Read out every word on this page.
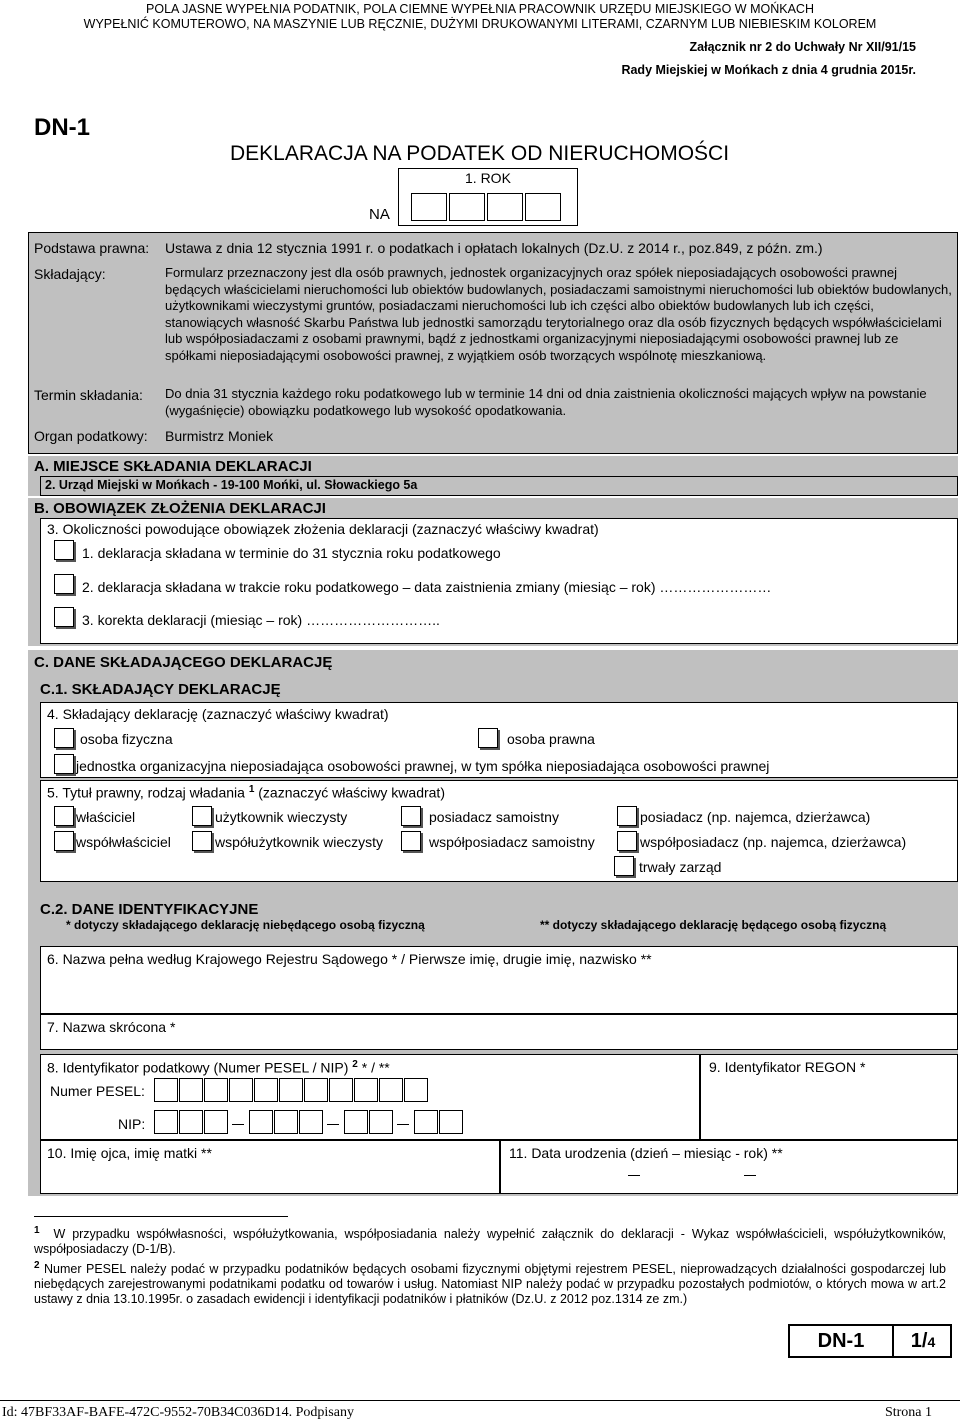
POLA JASNE WYPEŁNIA PODATNIK, POLA CIEMNE WYPEŁNIA PRACOWNIK URZĘDU MIEJSKIEGO W MOŃKACH
WYPEŁNIĆ KOMUTEROWO, NA MASZYNIE LUB RĘCZNIE, DUŻYMI DRUKOWANYMI LITERAMI, CZARNYM LUB NIEBIESKIM KOLOREM
Załącznik nr 2 do Uchwały Nr XII/91/15
Rady Miejskiej w Mońkach z dnia 4 grudnia 2015r.
DN-1
DEKLARACJA NA PODATEK OD NIERUCHOMOŚCI
1. ROK
NA
Podstawa prawna: Ustawa z dnia 12 stycznia 1991 r. o podatkach i opłatach lokalnych (Dz.U. z 2014 r., poz.849, z późn. zm.)
Składający:	Formularz przeznaczony jest dla osób prawnych, jednostek organizacyjnych oraz spółek nieposiadających osobowości prawnej będących właścicielami nieruchomości lub obiektów budowlanych, posiadaczami samoistnymi nieruchomości lub obiektów budowlanych, użytkownikami wieczystymi gruntów, posiadaczami nieruchomości lub ich części albo obiektów budowlanych lub ich części, stanowiących własność Skarbu Państwa lub jednostki samorządu terytorialnego oraz dla osób fizycznych będących współwłaścicielami lub współposiadaczami z osobami prawnymi, bądź z jednostkami organizacyjnymi nieposiadającymi osobowości prawnej lub ze spółkami nieposiadającymi osobowości prawnej, z wyjątkiem osób tworzących wspólnotę mieszkaniową.
Termin składania: Do dnia 31 stycznia każdego roku podatkowego lub w terminie 14 dni od dnia zaistnienia okoliczności mających wpływ na powstanie (wygaśnięcie) obowiązku podatkowego lub wysokość opodatkowania.
Organ podatkowy: Burmistrz Moniek
A. MIEJSCE SKŁADANIA DEKLARACJI
2. Urząd Miejski w Mońkach - 19-100 Mońki, ul. Słowackiego 5a
B. OBOWIĄZEK ZŁOŻENIA DEKLARACJI
3. Okoliczności powodujące obowiązek złożenia deklaracji (zaznaczyć właściwy kwadrat)
1. deklaracja składana w terminie do 31 stycznia roku podatkowego
2. deklaracja składana w trakcie roku podatkowego – data zaistnienia zmiany (miesiąc – rok) ……………………
3. korekta deklaracji (miesiąc – rok) ………………………..
C. DANE SKŁADAJĄCEGO DEKLARACJĘ
C.1. SKŁADAJĄCY DEKLARACJĘ
4. Składający deklarację (zaznaczyć właściwy kwadrat)
osoba fizyczna	osoba prawna
jednostka organizacyjna nieposiadająca osobowości prawnej, w tym spółka nieposiadająca osobowości prawnej
5. Tytuł prawny, rodzaj władania $^1$ (zaznaczyć właściwy kwadrat)
właściciel	użytkownik wieczysty	posiadacz samoistny	posiadacz (np. najemca, dzierżawca)
współwłaściciel	współużytkownik wieczysty	współposiadacz samoistny	współposiadacz (np. najemca, dzierżawca)
trwały zarząd
C.2. DANE IDENTYFIKACYJNE
* dotyczy składającego deklarację niebędącego osobą fizyczną	** dotyczy składającego deklarację będącego osobą fizyczną
6. Nazwa pełna według Krajowego Rejestru Sądowego * / Pierwsze imię, drugie imię, nazwisko **
7. Nazwa skrócona *
8. Identyfikator podatkowy (Numer PESEL / NIP) $^2$ * / **
Numer PESEL:
NIP:
9. Identyfikator REGON *
10. Imię ojca, imię matki **	11. Data urodzenia (dzień – miesiąc - rok) **
$^1$ W przypadku współwłasności, współużytkowania, współposiadania należy wypełnić załącznik do deklaracji - Wykaz współwłaścicieli, współużytkowników, współposiadaczy (D-1/B).
$^2$ Numer PESEL należy podać w przypadku podatników będących osobami fizycznymi objętymi rejestrem PESEL, nieprowadzących działalności gospodarczej lub niebędących zarejestrowanymi podatnikami podatku od towarów i usług. Natomiast NIP należy podać w przypadku pozostałych podmiotów, o których mowa w art.2 ustawy z dnia 13.10.1995r. o zasadach ewidencji i identyfikacji podatników i płatników (Dz.U. z 2012 poz.1314 ze zm.)
DN-1	1/4
Id: 47BF33AF-BAFE-472C-9552-70B34C036D14. Podpisany	Strona 1
